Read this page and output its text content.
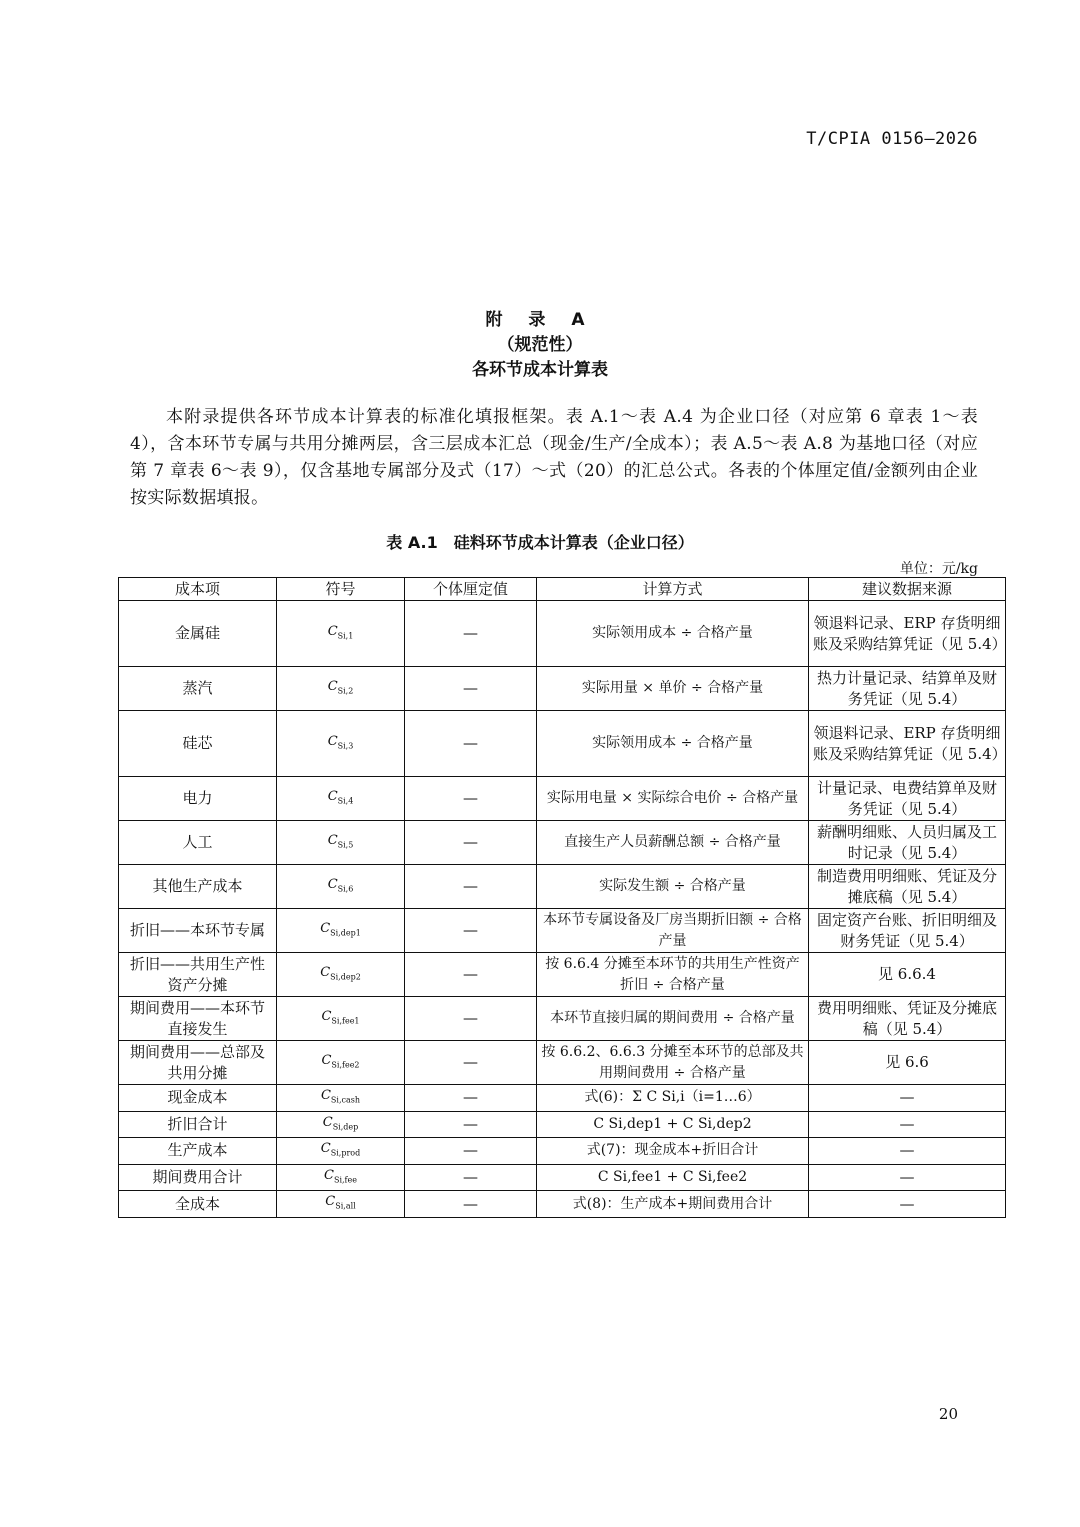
T/CPIA 0156—2026
附 录 A
（规范性）
各环节成本计算表

本附录提供各环节成本计算表的标准化填报框架。表 A.1～表 A.4 为企业口径（对应第 6 章表 1～表 4），含本环节专属与共用分摊两层，含三层成本汇总（现金/生产/全成本）；表 A.5～表 A.8 为基地口径（对应第 7 章表 6～表 9），仅含基地专属部分及式（17）～式（20）的汇总公式。各表的个体厘定值/金额列由企业按实际数据填报。

表 A.1　硅料环节成本计算表（企业口径）
单位：元/kg
成本项	符号	个体厘定值	计算方式	建议数据来源
金属硅	$C_{Si,1}$	—	实际领用成本 ÷ 合格产量	领退料记录、ERP 存货明细账及采购结算凭证（见 5.4）
蒸汽	$C_{Si,2}$	—	实际用量 × 单价 ÷ 合格产量	热力计量记录、结算单及财务凭证（见 5.4）
硅芯	$C_{Si,3}$	—	实际领用成本 ÷ 合格产量	领退料记录、ERP 存货明细账及采购结算凭证（见 5.4）
电力	$C_{Si,4}$	—	实际用电量 × 实际综合电价 ÷ 合格产量	计量记录、电费结算单及财务凭证（见 5.4）
人工	$C_{Si,5}$	—	直接生产人员薪酬总额 ÷ 合格产量	薪酬明细账、人员归属及工时记录（见 5.4）
其他生产成本	$C_{Si,6}$	—	实际发生额 ÷ 合格产量	制造费用明细账、凭证及分摊底稿（见 5.4）
折旧——本环节专属	$C_{Si,dep1}$	—	本环节专属设备及厂房当期折旧额 ÷ 合格产量	固定资产台账、折旧明细及财务凭证（见 5.4）
折旧——共用生产性资产分摊	$C_{Si,dep2}$	—	按 6.6.4 分摊至本环节的共用生产性资产折旧 ÷ 合格产量	见 6.6.4
期间费用——本环节直接发生	$C_{Si,fee1}$	—	本环节直接归属的期间费用 ÷ 合格产量	费用明细账、凭证及分摊底稿（见 5.4）
期间费用——总部及共用分摊	$C_{Si,fee2}$	—	按 6.6.2、6.6.3 分摊至本环节的总部及共用期间费用 ÷ 合格产量	见 6.6
现金成本	$C_{Si,cash}$	—	式(6)：Σ C Si,i（i=1…6）	—
折旧合计	$C_{Si,dep}$	—	C Si,dep1 + C Si,dep2	—
生产成本	$C_{Si,prod}$	—	式(7)：现金成本+折旧合计	—
期间费用合计	$C_{Si,fee}$	—	C Si,fee1 + C Si,fee2	—
全成本	$C_{Si,all}$	—	式(8)：生产成本+期间费用合计	—
20
